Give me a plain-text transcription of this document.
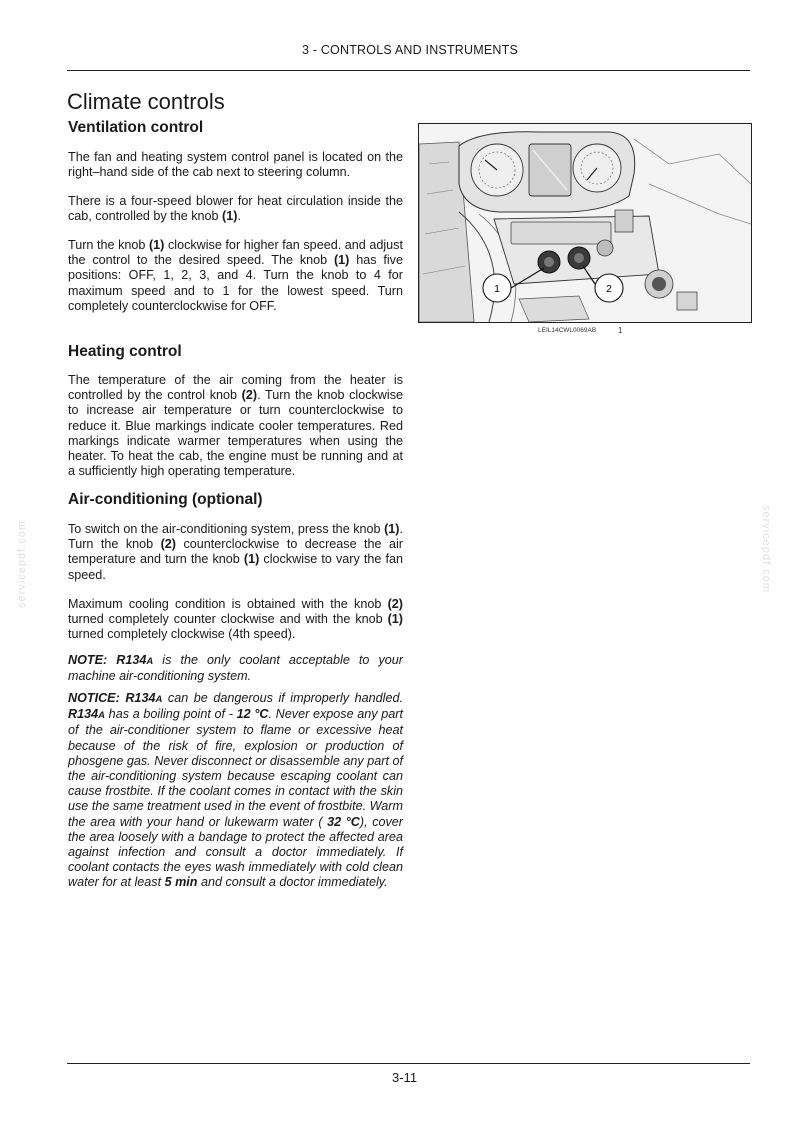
3 - CONTROLS AND INSTRUMENTS
Climate controls
Ventilation control

The fan and heating system control panel is located on the right–hand side of the cab next to steering column.

There is a four-speed blower for heat circulation inside the cab, controlled by the knob (1).

Turn the knob (1) clockwise for higher fan speed. and adjust the control to the desired speed. The knob (1) has five positions: OFF, 1, 2, 3, and 4. Turn the knob to 4 for maximum speed and to 1 for the lowest speed. Turn completely counterclockwise for OFF.

1	2
LEIL14CWL0069AB	1
Heating control

The temperature of the air coming from the heater is controlled by the control knob (2). Turn the knob clockwise to increase air temperature or turn counterclockwise to reduce it. Blue markings indicate cooler temperatures. Red markings indicate warmer temperatures when using the heater. To heat the cab, the engine must be running and at a sufficiently high operating temperature.

Air-conditioning (optional)

To switch on the air-conditioning system, press the knob (1). Turn the knob (2) counterclockwise to decrease the air temperature and turn the knob (1) clockwise to vary the fan speed.

Maximum cooling condition is obtained with the knob (2) turned completely counter clockwise and with the knob (1) turned completely clockwise (4th speed).

NOTE: R134A is the only coolant acceptable to your machine air-conditioning system.

NOTICE: R134A can be dangerous if improperly handled. R134A has a boiling point of - 12 °C. Never expose any part of the air-conditioner system to flame or excessive heat because of the risk of fire, explosion or production of phosgene gas. Never disconnect or disassemble any part of the air-conditioning system because escaping coolant can cause frostbite. If the coolant comes in contact with the skin use the same treatment used in the event of frostbite. Warm the area with your hand or lukewarm water ( 32 °C), cover the area loosely with a bandage to protect the affected area against infection and consult a doctor immediately. If coolant contacts the eyes wash immediately with cold clean water for at least 5 min and consult a doctor immediately.

servicepdf.com	servicepdf.com
3-11
